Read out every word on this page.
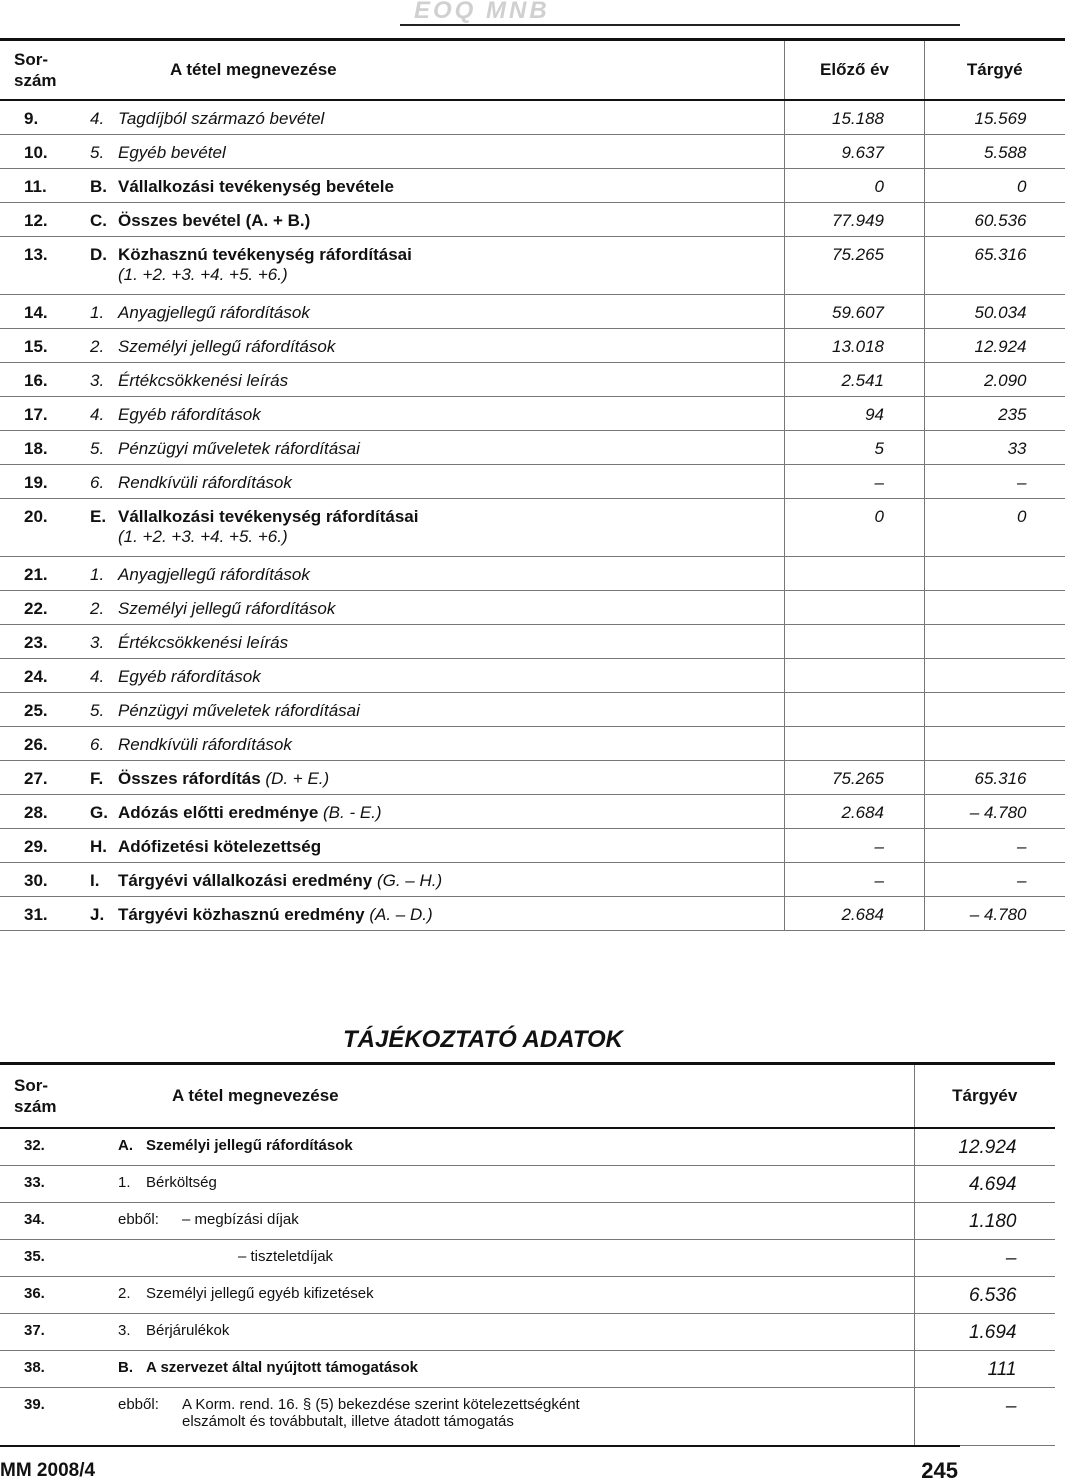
EOQ MNB
Sor- szám	A tétel megnevezése	Előző év	Tárgyé
9.	4. Tagdíjból származó bevétel	15.188	15.569
10.	5. Egyéb bevétel	9.637	5.588
11.	B. Vállalkozási tevékenység bevétele	0	0
12.	C. Összes bevétel (A. + B.)	77.949	60.536
13.	D. Közhasznú tevékenység ráfordításai
(1. +2. +3. +4. +5. +6.)	75.265	65.316
14.	1. Anyagjellegű ráfordítások	59.607	50.034
15.	2. Személyi jellegű ráfordítások	13.018	12.924
16.	3. Értékcsökkenési leírás	2.541	2.090
17.	4. Egyéb ráfordítások	94	235
18.	5. Pénzügyi műveletek ráfordításai	5	33
19.	6. Rendkívüli ráfordítások	–	–
20.	E. Vállalkozási tevékenység ráfordításai
(1. +2. +3. +4. +5. +6.)	0	0
21.	1. Anyagjellegű ráfordítások		

22.	2. Személyi jellegű ráfordítások		

23.	3. Értékcsökkenési leírás		

24.	4. Egyéb ráfordítások		

25.	5. Pénzügyi műveletek ráfordításai		

26.	6. Rendkívüli ráfordítások		

27.	F. Összes ráfordítás (D. + E.)	75.265	65.316
28.	G. Adózás előtti eredménye (B. - E.)	2.684	– 4.780
29.	H. Adófizetési kötelezettség	–	–
30.	I. Tárgyévi vállalkozási eredmény (G. – H.)	–	–
31.	J. Tárgyévi közhasznú eredmény (A. – D.)	2.684	– 4.780
TÁJÉKOZTATÓ ADATOK
Sor- szám	A tétel megnevezése	Tárgyév
32.	A. Személyi jellegű ráfordítások	12.924
33.	1. Bérköltség	4.694
34.	ebből: – megbízási díjak	1.180
35.	– tiszteletdíjak	–
36.	2. Személyi jellegű egyéb kifizetések	6.536
37.	3. Bérjárulékok	1.694
38.	B. A szervezet által nyújtott támogatások	111
39.	ebből: A Korm. rend. 16. § (5) bekezdése szerint kötelezettségként
elszámolt és továbbutalt, illetve átadott támogatás	–
MM 2008/4	245
